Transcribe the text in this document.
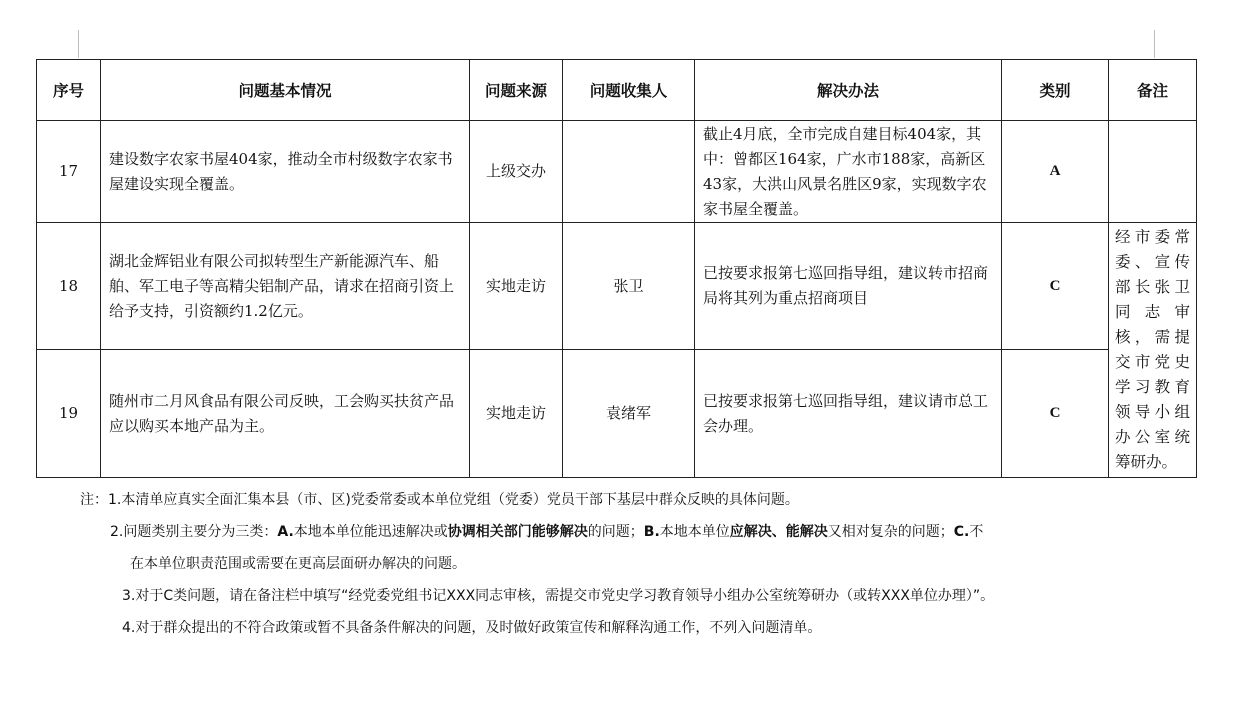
序号	问题基本情况	问题来源	问题收集人	解决办法	类别	备注
17	建设数字农家书屋404家，推动全市村级数字农家书屋建设实现全覆盖。	上级交办		截止4月底，全市完成自建目标404家，其中：曾都区164家，广水市188家，高新区43家，大洪山风景名胜区9家，实现数字农家书屋全覆盖。	A	
18	湖北金辉铝业有限公司拟转型生产新能源汽车、船舶、军工电子等高精尖铝制产品，请求在招商引资上给予支持，引资额约1.2亿元。	实地走访	张卫	已按要求报第七巡回指导组，建议转市招商局将其列为重点招商项目	C	经市委常委、宣传部长张卫同志审核，需提交市党史学习教育领导小组办公室统筹研办。
19	随州市二月风食品有限公司反映，工会购买扶贫产品应以购买本地产品为主。	实地走访	袁绪军	已按要求报第七巡回指导组，建议请市总工会办理。	C	
注：1.本清单应真实全面汇集本县（市、区)党委常委或本单位党组（党委）党员干部下基层中群众反映的具体问题。
2.问题类别主要分为三类：A.本地本单位能迅速解决或协调相关部门能够解决的问题；B.本地本单位应解决、能解决又相对复杂的问题；C.不
在本单位职责范围或需要在更高层面研办解决的问题。
3.对于C类问题，请在备注栏中填写“经党委党组书记XXX同志审核，需提交市党史学习教育领导小组办公室统筹研办（或转XXX单位办理）”。
4.对于群众提出的不符合政策或暂不具备条件解决的问题，及时做好政策宣传和解释沟通工作，不列入问题清单。
